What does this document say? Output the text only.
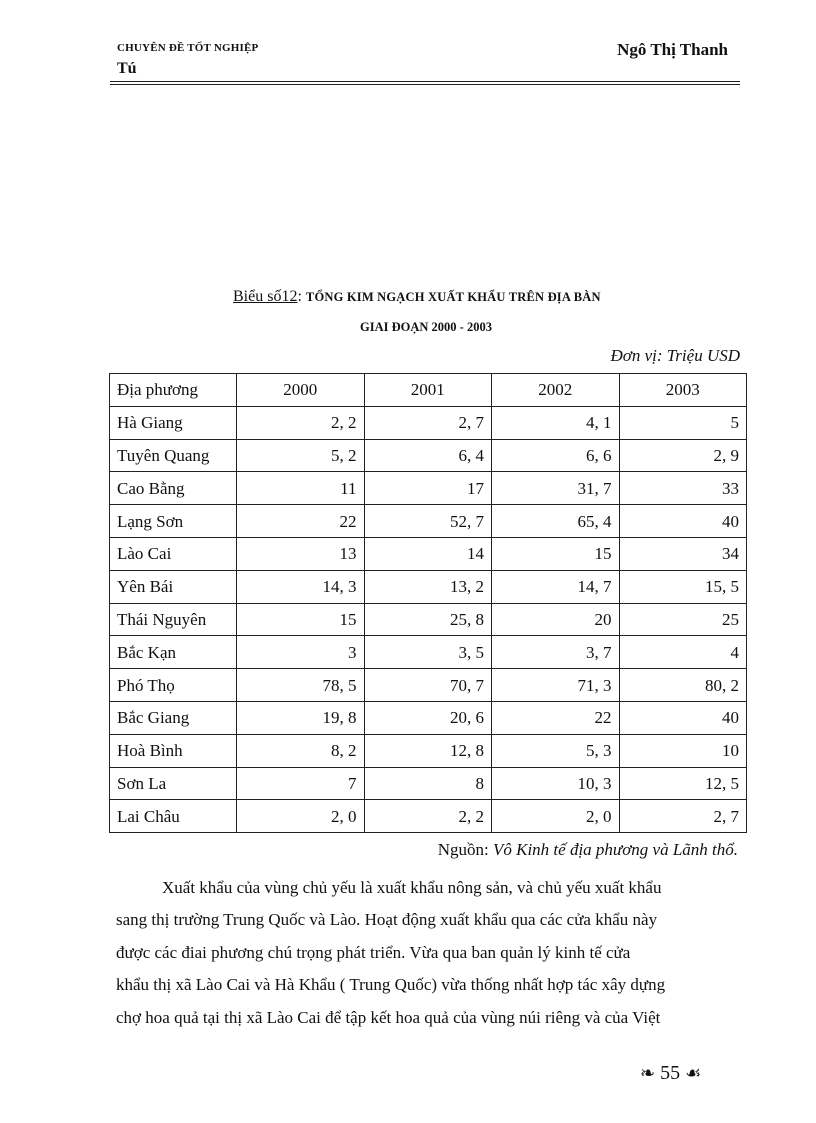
CHUYÊN ĐỀ TỐT NGHIỆP
Tú
Ngô Thị Thanh
Biểu số12: TỔNG KIM NGẠCH XUẤT KHẨU TRÊN ĐỊA BÀN
GIAI ĐOẠN 2000 - 2003
Đơn vị: Triệu USD
Địa phương	2000	2001	2002	2003
Hà Giang	2, 2	2, 7	4, 1	5
Tuyên Quang	5, 2	6, 4	6, 6	2, 9
Cao Bằng	11	17	31, 7	33
Lạng Sơn	22	52, 7	65, 4	40
Lào Cai	13	14	15	34
Yên Bái	14, 3	13, 2	14, 7	15, 5
Thái Nguyên	15	25, 8	20	25
Bắc Kạn	3	3, 5	3, 7	4
Phó Thọ	78, 5	70, 7	71, 3	80, 2
Bắc Giang	19, 8	20, 6	22	40
Hoà Bình	8, 2	12, 8	5, 3	10
Sơn La	7	8	10, 3	12, 5
Lai Châu	2, 0	2, 2	2, 0	2, 7
Nguồn: Vô Kinh tế địa phương và Lãnh thổ.
Xuất khẩu của vùng chủ yếu là xuất khẩu nông sản, và chủ yếu xuất khẩu
sang thị trường Trung Quốc và Lào. Hoạt động xuất khẩu qua các cửa khẩu này
được các điai phương chú trọng phát triển. Vừa qua ban quản lý kinh tế cửa
khẩu thị xã Lào Cai và Hà Khẩu ( Trung Quốc) vừa thống nhất hợp tác xây dựng
chợ hoa quả tại thị xã Lào Cai để tập kết hoa quả của vùng núi riêng và của Việt
❧ 55 ☙
